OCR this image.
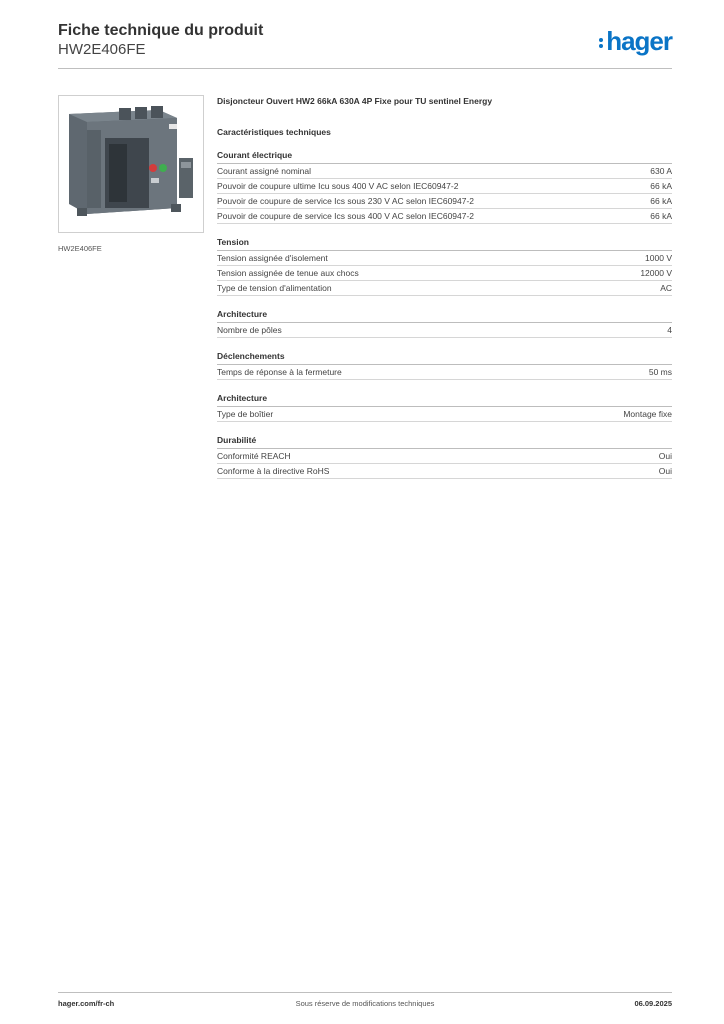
Fiche technique du produit
HW2E406FE	hager
HW2E406FE
Disjoncteur Ouvert HW2 66kA 630A 4P Fixe pour TU sentinel Energy
Caractéristiques techniques
Courant électrique
Courant assigné nominal	630 A
Pouvoir de coupure ultime Icu sous 400 V AC selon IEC60947-2	66 kA
Pouvoir de coupure de service Ics sous 230 V AC selon IEC60947-2	66 kA
Pouvoir de coupure de service Ics sous 400 V AC selon IEC60947-2	66 kA
Tension
Tension assignée d'isolement	1000 V
Tension assignée de tenue aux chocs	12000 V
Type de tension d'alimentation	AC
Architecture
Nombre de pôles	4
Déclenchements
Temps de réponse à la fermeture	50 ms
Architecture
Type de boîtier	Montage fixe
Durabilité
Conformité REACH	Oui
Conforme à la directive RoHS	Oui
hager.com/fr-ch	Sous réserve de modifications techniques	06.09.2025
